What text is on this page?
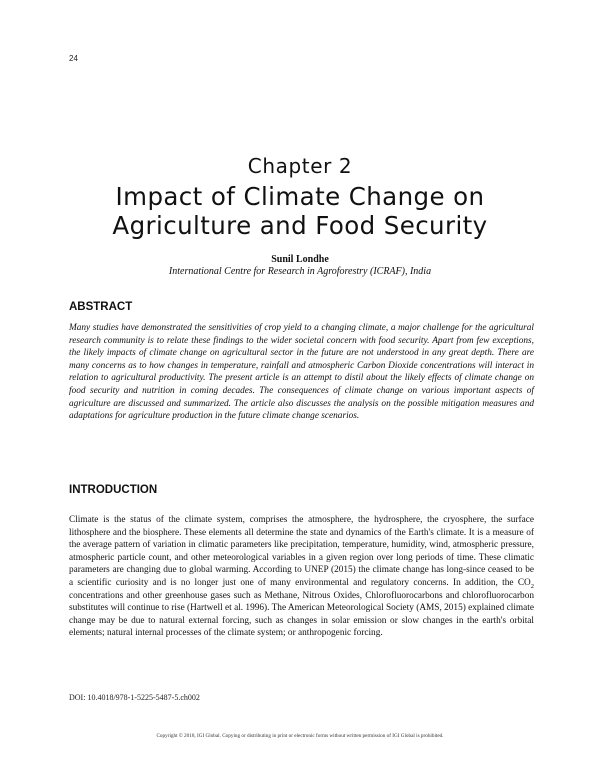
24
Chapter 2
Impact of Climate Change on
Agriculture and Food Security
Sunil Londhe
International Centre for Research in Agroforestry (ICRAF), India
ABSTRACT

Many studies have demonstrated the sensitivities of crop yield to a changing climate, a major challenge for the agricultural research community is to relate these findings to the wider societal concern with food security. Apart from few exceptions, the likely impacts of climate change on agricultural sector in the future are not understood in any great depth. There are many concerns as to how changes in temperature, rainfall and atmospheric Carbon Dioxide concentrations will interact in relation to agricultural productivity. The present article is an attempt to distil about the likely effects of climate change on food security and nutrition in coming decades. The consequences of climate change on various important aspects of agriculture are discussed and summarized. The article also discusses the analysis on the possible mitigation measures and adaptations for agriculture production in the future climate change scenarios.

INTRODUCTION

Climate is the status of the climate system, comprises the atmosphere, the hydrosphere, the cryosphere, the surface lithosphere and the biosphere. These elements all determine the state and dynamics of the Earth's climate. It is a measure of the average pattern of variation in climatic parameters like precipitation, temperature, humidity, wind, atmospheric pressure, atmospheric particle count, and other meteorological variables in a given region over long periods of time. These climatic parameters are changing due to global warming. According to UNEP (2015) the climate change has long-since ceased to be a scientific curiosity and is no longer just one of many environmental and regulatory concerns. In addition, the $CO_2$ concentrations and other greenhouse gases such as Methane, Nitrous Oxides, Chlorofluorocarbons and chlorofluorocarbon substitutes will continue to rise (Hartwell et al. 1996). The American Meteorological Society (AMS, 2015) explained climate change may be due to natural external forcing, such as changes in solar emission or slow changes in the earth's orbital elements; natural internal processes of the climate system; or anthropogenic forcing.

DOI: 10.4018/978-1-5225-5487-5.ch002
Copyright © 2018, IGI Global. Copying or distributing in print or electronic forms without written permission of IGI Global is prohibited.
